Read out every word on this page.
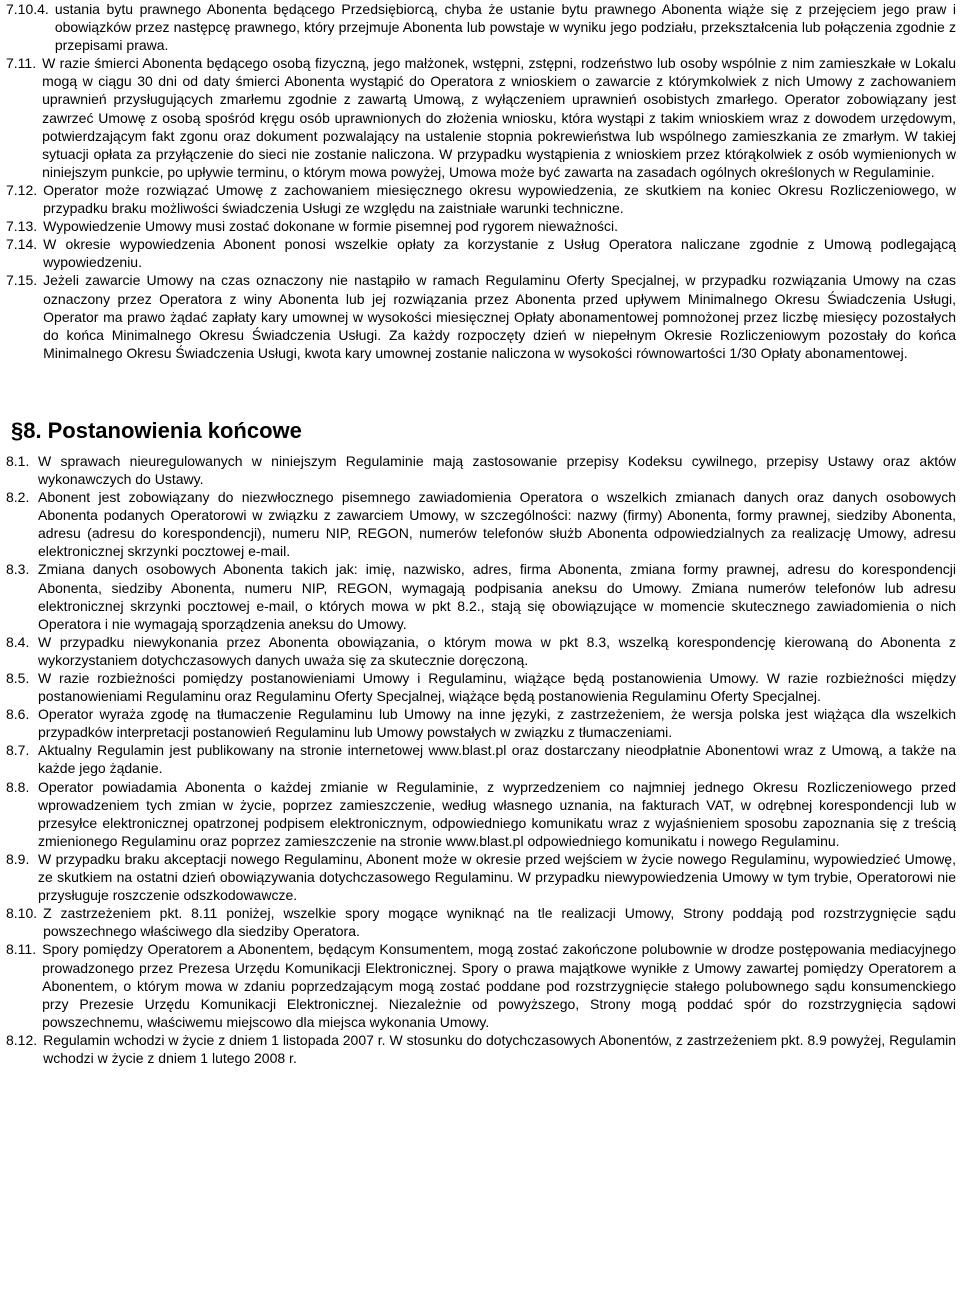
7.10.4. ustania bytu prawnego Abonenta będącego Przedsiębiorcą, chyba że ustanie bytu prawnego Abonenta wiąże się z przejęciem jego praw i obowiązków przez następcę prawnego, który przejmuje Abonenta lub powstaje w wyniku jego podziału, przekształcenia lub połączenia zgodnie z przepisami prawa.
7.11. W razie śmierci Abonenta będącego osobą fizyczną, jego małżonek, wstępni, zstępni, rodzeństwo lub osoby wspólnie z nim zamieszkałe w Lokalu mogą w ciągu 30 dni od daty śmierci Abonenta wystąpić do Operatora z wnioskiem o zawarcie z którymkolwiek z nich Umowy z zachowaniem uprawnień przysługujących zmarłemu zgodnie z zawartą Umową, z wyłączeniem uprawnień osobistych zmarłego. Operator zobowiązany jest zawrzeć Umowę z osobą spośród kręgu osób uprawnionych do złożenia wniosku, która wystąpi z takim wnioskiem wraz z dowodem urzędowym, potwierdzającym fakt zgonu oraz dokument pozwalający na ustalenie stopnia pokrewieństwa lub wspólnego zamieszkania ze zmarłym. W takiej sytuacji opłata za przyłączenie do sieci nie zostanie naliczona. W przypadku wystąpienia z wnioskiem przez którąkolwiek z osób wymienionych w niniejszym punkcie, po upływie terminu, o którym mowa powyżej, Umowa może być zawarta na zasadach ogólnych określonych w Regulaminie.
7.12. Operator może rozwiązać Umowę z zachowaniem miesięcznego okresu wypowiedzenia, ze skutkiem na koniec Okresu Rozliczeniowego, w przypadku braku możliwości świadczenia Usługi ze względu na zaistniałe warunki techniczne.
7.13. Wypowiedzenie Umowy musi zostać dokonane w formie pisemnej pod rygorem nieważności.
7.14. W okresie wypowiedzenia Abonent ponosi wszelkie opłaty za korzystanie z Usług Operatora naliczane zgodnie z Umową podlegającą wypowiedzeniu.
7.15. Jeżeli zawarcie Umowy na czas oznaczony nie nastąpiło w ramach Regulaminu Oferty Specjalnej, w przypadku rozwiązania Umowy na czas oznaczony przez Operatora z winy Abonenta lub jej rozwiązania przez Abonenta przed upływem Minimalnego Okresu Świadczenia Usługi, Operator ma prawo żądać zapłaty kary umownej w wysokości miesięcznej Opłaty abonamentowej pomnożonej przez liczbę miesięcy pozostałych do końca Minimalnego Okresu Świadczenia Usługi. Za każdy rozpoczęty dzień w niepełnym Okresie Rozliczeniowym pozostały do końca Minimalnego Okresu Świadczenia Usługi, kwota kary umownej zostanie naliczona w wysokości równowartości 1/30 Opłaty abonamentowej.
§8. Postanowienia końcowe
8.1. W sprawach nieuregulowanych w niniejszym Regulaminie mają zastosowanie przepisy Kodeksu cywilnego, przepisy Ustawy oraz aktów wykonawczych do Ustawy.
8.2. Abonent jest zobowiązany do niezwłocznego pisemnego zawiadomienia Operatora o wszelkich zmianach danych oraz danych osobowych Abonenta podanych Operatorowi w związku z zawarciem Umowy, w szczególności: nazwy (firmy) Abonenta, formy prawnej, siedziby Abonenta, adresu (adresu do korespondencji), numeru NIP, REGON, numerów telefonów służb Abonenta odpowiedzialnych za realizację Umowy, adresu elektronicznej skrzynki pocztowej e-mail.
8.3. Zmiana danych osobowych Abonenta takich jak: imię, nazwisko, adres, firma Abonenta, zmiana formy prawnej, adresu do korespondencji Abonenta, siedziby Abonenta, numeru NIP, REGON, wymagają podpisania aneksu do Umowy. Zmiana numerów telefonów lub adresu elektronicznej skrzynki pocztowej e-mail, o których mowa w pkt 8.2., stają się obowiązujące w momencie skutecznego zawiadomienia o nich Operatora i nie wymagają sporządzenia aneksu do Umowy.
8.4. W przypadku niewykonania przez Abonenta obowiązania, o którym mowa w pkt 8.3, wszelką korespondencję kierowaną do Abonenta z wykorzystaniem dotychczasowych danych uważa się za skutecznie doręczoną.
8.5. W razie rozbieżności pomiędzy postanowieniami Umowy i Regulaminu, wiążące będą postanowienia Umowy. W razie rozbieżności między postanowieniami Regulaminu oraz Regulaminu Oferty Specjalnej, wiążące będą postanowienia Regulaminu Oferty Specjalnej.
8.6. Operator wyraża zgodę na tłumaczenie Regulaminu lub Umowy na inne języki, z zastrzeżeniem, że wersja polska jest wiążąca dla wszelkich przypadków interpretacji postanowień Regulaminu lub Umowy powstałych w związku z tłumaczeniami.
8.7. Aktualny Regulamin jest publikowany na stronie internetowej www.blast.pl oraz dostarczany nieodpłatnie Abonentowi wraz z Umową, a także na każde jego żądanie.
8.8. Operator powiadamia Abonenta o każdej zmianie w Regulaminie, z wyprzedzeniem co najmniej jednego Okresu Rozliczeniowego przed wprowadzeniem tych zmian w życie, poprzez zamieszczenie, według własnego uznania, na fakturach VAT, w odrębnej korespondencji lub w przesyłce elektronicznej opatrzonej podpisem elektronicznym, odpowiedniego komunikatu wraz z wyjaśnieniem sposobu zapoznania się z treścią zmienionego Regulaminu oraz poprzez zamieszczenie na stronie www.blast.pl odpowiedniego komunikatu i nowego Regulaminu.
8.9. W przypadku braku akceptacji nowego Regulaminu, Abonent może w okresie przed wejściem w życie nowego Regulaminu, wypowiedzieć Umowę, ze skutkiem na ostatni dzień obowiązywania dotychczasowego Regulaminu. W przypadku niewypowiedzenia Umowy w tym trybie, Operatorowi nie przysługuje roszczenie odszkodowawcze.
8.10. Z zastrzeżeniem pkt. 8.11 poniżej, wszelkie spory mogące wyniknąć na tle realizacji Umowy, Strony poddają pod rozstrzygnięcie sądu powszechnego właściwego dla siedziby Operatora.
8.11. Spory pomiędzy Operatorem a Abonentem, będącym Konsumentem, mogą zostać zakończone polubownie w drodze postępowania mediacyjnego prowadzonego przez Prezesa Urzędu Komunikacji Elektronicznej. Spory o prawa majątkowe wynikłe z Umowy zawartej pomiędzy Operatorem a Abonentem, o którym mowa w zdaniu poprzedzającym mogą zostać poddane pod rozstrzygnięcie stałego polubownego sądu konsumenckiego przy Prezesie Urzędu Komunikacji Elektronicznej. Niezależnie od powyższego, Strony mogą poddać spór do rozstrzygnięcia sądowi powszechnemu, właściwemu miejscowo dla miejsca wykonania Umowy.
8.12. Regulamin wchodzi w życie z dniem 1 listopada 2007 r. W stosunku do dotychczasowych Abonentów, z zastrzeżeniem pkt. 8.9 powyżej, Regulamin wchodzi w życie z dniem 1 lutego 2008 r.
